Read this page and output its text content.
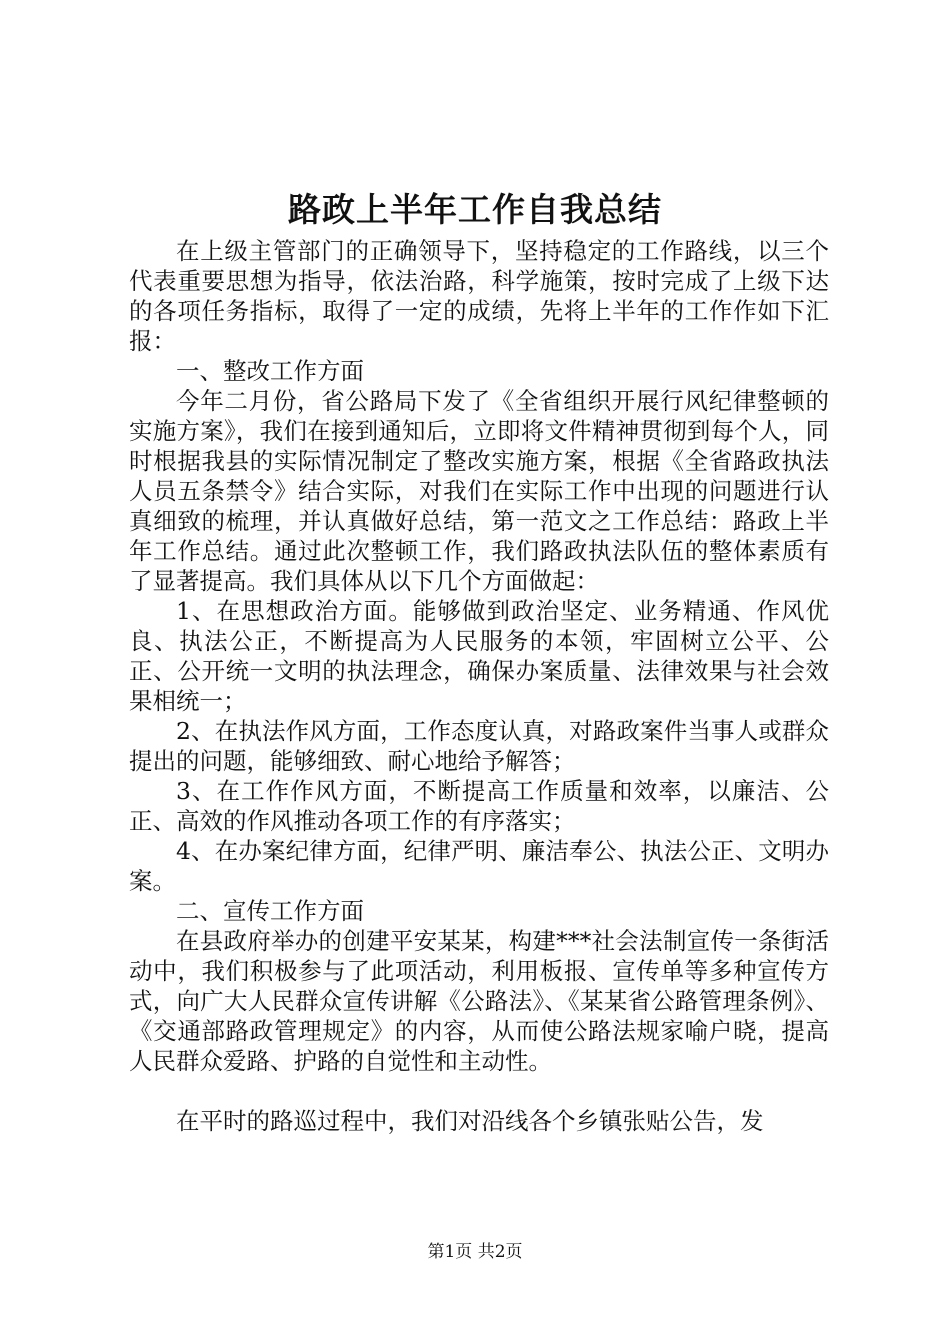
路政上半年工作自我总结

在上级主管部门的正确领导下，坚持稳定的工作路线，以三个代表重要思想为指导，依法治路，科学施策，按时完成了上级下达的各项任务指标，取得了一定的成绩，先将上半年的工作作如下汇报：

一、整改工作方面

今年二月份，省公路局下发了《全省组织开展行风纪律整顿的实施方案》，我们在接到通知后，立即将文件精神贯彻到每个人，同时根据我县的实际情况制定了整改实施方案，根据《全省路政执法人员五条禁令》结合实际，对我们在实际工作中出现的问题进行认真细致的梳理，并认真做好总结，第一范文之工作总结：路政上半年工作总结。通过此次整顿工作，我们路政执法队伍的整体素质有了显著提高。我们具体从以下几个方面做起：

1、在思想政治方面。能够做到政治坚定、业务精通、作风优良、执法公正，不断提高为人民服务的本领，牢固树立公平、公正、公开统一文明的执法理念，确保办案质量、法律效果与社会效果相统一；

2、在执法作风方面，工作态度认真，对路政案件当事人或群众提出的问题，能够细致、耐心地给予解答；

3、在工作作风方面，不断提高工作质量和效率，以廉洁、公正、高效的作风推动各项工作的有序落实；

4、在办案纪律方面，纪律严明、廉洁奉公、执法公正、文明办案。

二、宣传工作方面

在县政府举办的创建平安某某，构建***社会法制宣传一条街活动中，我们积极参与了此项活动，利用板报、宣传单等多种宣传方式，向广大人民群众宣传讲解《公路法》、《某某省公路管理条例》、《交通部路政管理规定》的内容，从而使公路法规家喻户晓，提高人民群众爱路、护路的自觉性和主动性。

在平时的路巡过程中，我们对沿线各个乡镇张贴公告，发

第1页 共2页
